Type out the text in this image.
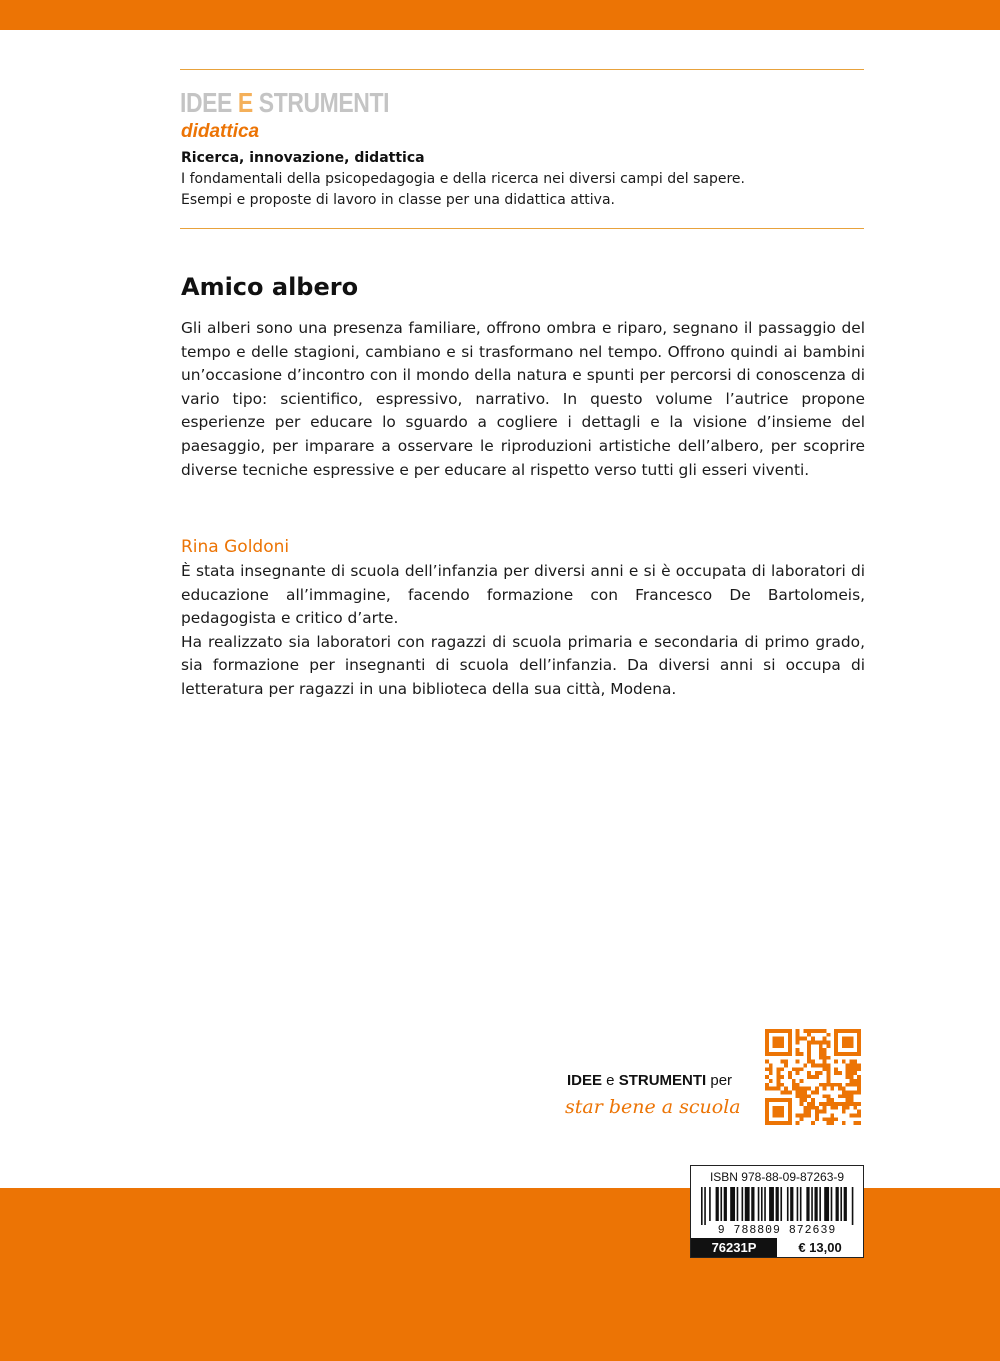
IDEE E STRUMENTI
didattica
Ricerca, innovazione, didattica
I fondamentali della psicopedagogia e della ricerca nei diversi campi del sapere. Esempi e proposte di lavoro in classe per una didattica attiva.
Amico albero
Gli alberi sono una presenza familiare, offrono ombra e riparo, segnano il passaggio del tempo e delle stagioni, cambiano e si trasformano nel tempo. Offrono quindi ai bambini un’occasione d’incontro con il mondo della natura e spunti per percorsi di conoscenza di vario tipo: scientifico, espressivo, narrativo. In questo volume l’autrice propone esperienze per educare lo sguardo a cogliere i dettagli e la visione d’insieme del paesaggio, per imparare a osservare le riproduzioni artistiche dell’albero, per scoprire diverse tecniche espressive e per educare al rispetto verso tutti gli esseri viventi.
Rina Goldoni

È stata insegnante di scuola dell’infanzia per diversi anni e si è occupata di laboratori di educazione all’immagine, facendo formazione con Francesco De Bartolomeis, pedagogista e critico d’arte.

Ha realizzato sia laboratori con ragazzi di scuola primaria e secondaria di primo grado, sia formazione per insegnanti di scuola dell’infanzia. Da diversi anni si occupa di letteratura per ragazzi in una biblioteca della sua città, Modena.

IDEE e STRUMENTI per
star bene a scuola
ISBN 978-88-09-87263-9
9 788809 872639
76231P	€ 13,00
